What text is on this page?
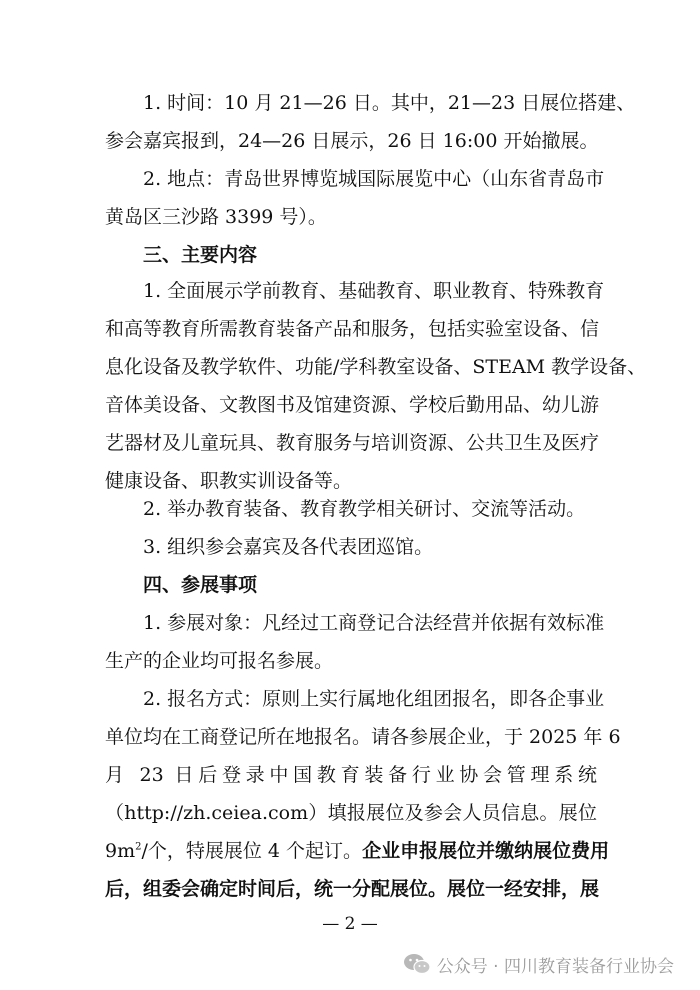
1. 时间：10 月 21—26 日。其中，21—23 日展位搭建、
参会嘉宾报到，24—26 日展示，26 日 16:00 开始撤展。
2. 地点：青岛世界博览城国际展览中心（山东省青岛市
黄岛区三沙路 3399 号）。
三、主要内容
1. 全面展示学前教育、基础教育、职业教育、特殊教育
和高等教育所需教育装备产品和服务，包括实验室设备、信
息化设备及教学软件、功能/学科教室设备、STEAM 教学设备、
音体美设备、文教图书及馆建资源、学校后勤用品、幼儿游
艺器材及儿童玩具、教育服务与培训资源、公共卫生及医疗
健康设备、职教实训设备等。
2. 举办教育装备、教育教学相关研讨、交流等活动。
3. 组织参会嘉宾及各代表团巡馆。
四、参展事项
1. 参展对象：凡经过工商登记合法经营并依据有效标准
生产的企业均可报名参展。
2. 报名方式：原则上实行属地化组团报名，即各企事业
单位均在工商登记所在地报名。请各参展企业，于 2025 年 6
月 23 日后登录中国教育装备行业协会管理系统
（http://zh.ceiea.com）填报展位及参会人员信息。展位
$9m^2/$个，特展展位 4 个起订。企业申报展位并缴纳展位费用
后，组委会确定时间后，统一分配展位。展位一经安排，展
— 2 —
公众号 · 四川教育装备行业协会
